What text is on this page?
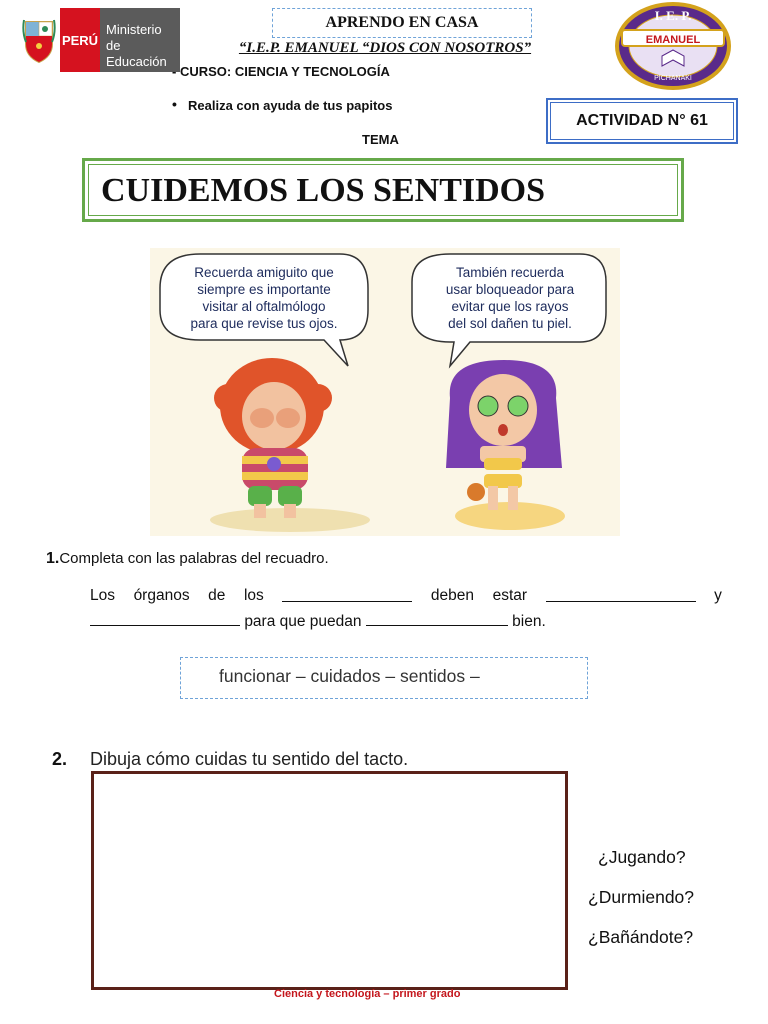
PERÚ
Ministerio
de Educación
APRENDO EN CASA
“I.E.P. EMANUEL “DIOS CON NOSOTROS”
- CURSO: CIENCIA Y TECNOLOGÍA
• Realiza con ayuda de tus papitos
TEMA
ACTIVIDAD N° 61
I. E. P.
EMANUEL
PICHANAKI
CUIDEMOS LOS SENTIDOS
Recuerda amiguito que
siempre es importante
visitar al oftalmólogo
para que revise tus ojos.
También recuerda
usar bloqueador para
evitar que los rayos
del sol dañen tu piel.
1.Completa con las palabras del recuadro.
Los órganos de los	deben estar	y
para que puedan	bien.
funcionar – cuidados – sentidos –
2. Dibuja cómo cuidas tu sentido del tacto.
¿Jugando?
¿Durmiendo?
¿Bañándote?
Ciencia y tecnología – primer grado
